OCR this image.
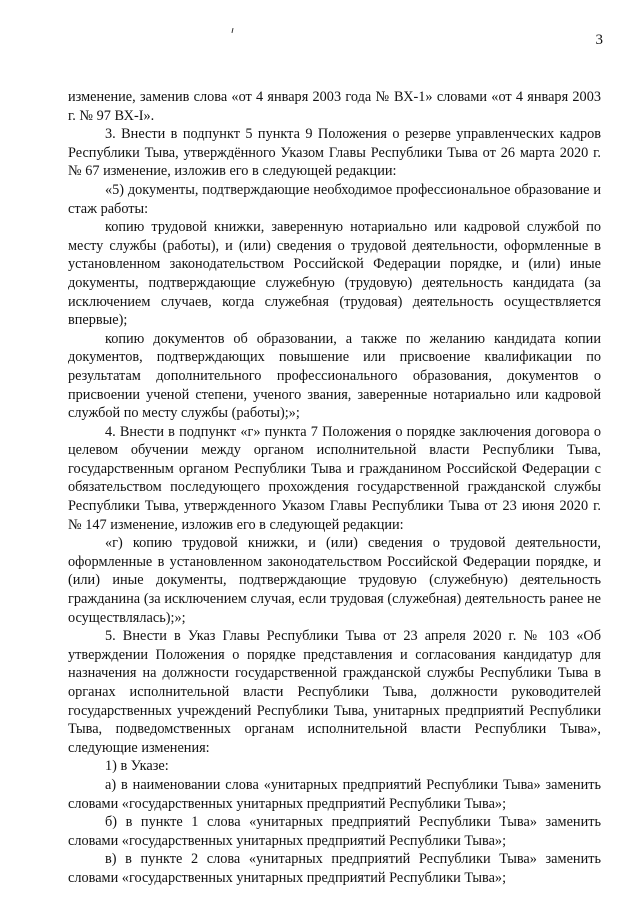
3

изменение, заменив слова «от 4 января 2003 года № ВХ-1» словами «от 4 января 2003 г. № 97 ВХ-I».

3. Внести в подпункт 5 пункта 9 Положения о резерве управленческих кадров Республики Тыва, утверждённого Указом Главы Республики Тыва от 26 марта 2020 г. № 67 изменение, изложив его в следующей редакции:

«5) документы, подтверждающие необходимое профессиональное образование и стаж работы:

копию трудовой книжки, заверенную нотариально или кадровой службой по месту службы (работы), и (или) сведения о трудовой деятельности, оформленные в установленном законодательством Российской Федерации порядке, и (или) иные документы, подтверждающие служебную (трудовую) деятельность кандидата (за исключением случаев, когда служебная (трудовая) деятельность осуществляется впервые);

копию документов об образовании, а также по желанию кандидата копии документов, подтверждающих повышение или присвоение квалификации по результатам дополнительного профессионального образования, документов о присвоении ученой степени, ученого звания, заверенные нотариально или кадровой службой по месту службы (работы);»;

4. Внести в подпункт «г» пункта 7 Положения о порядке заключения договора о целевом обучении между органом исполнительной власти Республики Тыва, государственным органом Республики Тыва и гражданином Российской Федерации с обязательством последующего прохождения государственной гражданской службы Республики Тыва, утвержденного Указом Главы Республики Тыва от 23 июня 2020 г. № 147 изменение, изложив его в следующей редакции:

«г) копию трудовой книжки, и (или) сведения о трудовой деятельности, оформленные в установленном законодательством Российской Федерации порядке, и (или) иные документы, подтверждающие трудовую (служебную) деятельность гражданина (за исключением случая, если трудовая (служебная) деятельность ранее не осуществлялась);»;

5. Внести в Указ Главы Республики Тыва от 23 апреля 2020 г. № 103 «Об утверждении Положения о порядке представления и согласования кандидатур для назначения на должности государственной гражданской службы Республики Тыва в органах исполнительной власти Республики Тыва, должности руководителей государственных учреждений Республики Тыва, унитарных предприятий Республики Тыва, подведомственных органам исполнительной власти Республики Тыва», следующие изменения:

1) в Указе:

а) в наименовании слова «унитарных предприятий Республики Тыва» заменить словами «государственных унитарных предприятий Республики Тыва»;

б) в пункте 1 слова «унитарных предприятий Республики Тыва» заменить словами «государственных унитарных предприятий Республики Тыва»;

в) в пункте 2 слова «унитарных предприятий Республики Тыва» заменить словами «государственных унитарных предприятий Республики Тыва»;
